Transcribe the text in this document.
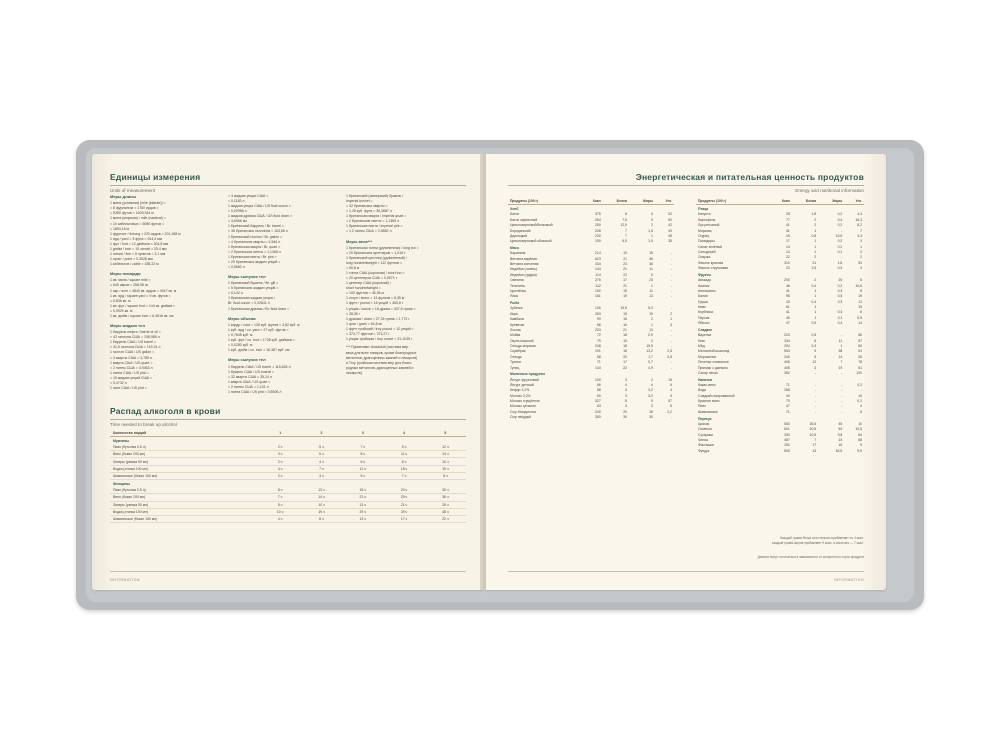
Единицы измерения
Units of measurement
Меры длины
1 миля (уставная) (mile (statute)) =
= 8 фурлонгов = 1760 ярдов =
= 5280 футов = 1609,344 м
1 миля (морская) / mile (nautical) =
= 10 кабельтовых = 6080 футов =
= 1853,18 м
1 фурлонг / furlong = 220 ярдов = 201,168 м
1 ярд / yard = 3 фута = 914,4 мм
1 фут / foot = 12 дюймов = 304,8 мм
1 дюйм / inch = 10 линий = 25,4 мм
1 линия / line = 6 пунктов = 2,1 мм
1 пункт / point = 0,3528 мм
1 кабельтов / cable = 185,22 м
Меры площади
1 кв. миля / square mile =
= 640 акров = 258,98 га
1 акр / acre = 4840 кв. ярдов = 4047 кв. м
1 кв. ярд / square yard = 9 кв. футов =
= 0,836 кв. м
1 кв. фут / square foot = 144 кв. дюйма =
= 0,0929 кв. м
1 кв. дюйм / square inch = 6,4516 кв. см
Меры жидких тел
1 баррель нефти / barrel of oil =
= 42 галлона США = 158,988 л
1 баррель США / US barrel =
= 31,5 галлона США = 119,24 л
1 галлон США / US gallon =
= 4 кварты США = 3,785 л
1 кварта США / US quart =
= 2 пинты США = 0,9463 л
1 пинта США / US pint =
= 16 жидких унций США =
= 0,4732 л
1 пинт США / US pint =
= 4 жидкие унции США =
= 0,1183 л
1 жидкая унция США / US fluid ounce =
= 0,02956 л
1 жидкая драхма США / US fluid dram =
= 3,6966 мл
1 британский баррель / Br. barrel =
= 36 британских галлонов = 163,65 л
1 британский галлон / Br. gallon =
= 4 британских кварты = 4,546 л
1 британская кварта / Br. quart =
= 2 британских пинты = 1,1365 л
1 британская пинта / Br. pint =
= 20 британских жидких унций =
= 0,5682 л
Меры сыпучих тел
1 британский бушель / Br. gill =
= 5 британских жидких унций =
= 0,142 л
1 британская жидкая унция /
Br. fluid ounce = 0,02841 л
1 британская драхма / Br. fluid dram =
Меры объема
1 кордр / cord = 128 куб. футов = 3,62 куб. м
1 куб. ярд / cu. yard = 27 куб. футов =
= 0,7645 куб. м
1 куб. фут / cu. foot = 1728 куб. дюймов =
= 0,0283 куб. м
1 куб. дюйм / cu. inch = 16,387 куб. см
Меры сыпучих тел
1 баррель США / US barrel = 115,628 л
1 бушель США / US bushel =
= 32 кварты США = 35,24 л
1 кварта США / US quart =
= 2 пинты США = 1,101 л
1 пинта США / US pint = 0,5506 л
1 британский (имперский) бушель /
imperial bushel =
= 32 британских кварты =
= 1,28 куб. фута = 36,3687 л
1 британская кварта / imperial quart =
= 2 британские пинты = 1,1365 л
1 британская пинта / imperial pint =
= 1,2 пинты США = 0,5682 л
Меры веса***
1 британская тонна (удлиненная) / long ton =
= 20 британских центнеров = 1,016 т
1 британский центнер (удлиненный) /
long hundredweight = 112 фунтов =
= 50,8 кг
1 тонна США (короткая) / short ton =
= 20 центнеров США = 0,9071 т
1 центнер США (короткий) /
short hundredweight =
= 100 фунтов = 45,36 кг
1 стоун / stone = 14 фунтов = 6,35 кг
1 фунт / pound = 16 унций = 453,6 г
1 унция / ounce = 16 драхм = 437,5 грана =
= 28,35 г
1 драхма / dram = 27,34 грана = 1,772 г
1 гран / grain = 64,8 мг
1 фунт тройский / troy pound = 12 унций =
= 373,77 фунтов = 373,27 г
1 унция тройская / troy ounce = 31,1035 г
*** Применяют Anadolutt (система мер
веса для всех товаров, кроме благородных
металлов, драгоценных камней и лекарств)
и Troy (тройская система мер для благо-
родных металлов, драгоценных камней и
лекарств).
Распад алкоголя в крови
Time needed to break up alcohol
Количество порций	1	2	3	4	5
Мужчины					
Пиво (бутылка 0,5 л)	2 ч	5 ч	7 ч	9 ч	12 ч
Вино (бокал 200 мл)	3 ч	6 ч	8 ч	11 ч	14 ч
Ликеры (рюмка 50 мл)	2 ч	4 ч	6 ч	8 ч	10 ч
Водка (стопка 100 мл)	4 ч	7 ч	11 ч	15 ч	19 ч
Шампанское (бокал 150 мл)	2 ч	3 ч	5 ч	7 ч	8 ч
Женщины					
Пиво (бутылка 0,5 л)	8 ч	13 ч	18 ч	24 ч	30 ч
Вино (бокал 200 мл)	7 ч	14 ч	21 ч	29 ч	36 ч
Ликеры (рюмка 50 мл)	5 ч	10 ч	13 ч	21 ч	26 ч
Водка (стопка 100 мл)	10 ч	19 ч	29 ч	39 ч	48 ч
Шампанское (бокал 150 мл)	4 ч	8 ч	13 ч	17 ч	22 ч
INFORMATION
Энергетическая и питательная ценность продуктов
Energy and nutritional information
Продукты (100 г)	Ккал	Белки	Жиры	Угл.
Хлеб				
Батон	375	8	3	52
Батон кирпичный	264	7,5	3	50
Цельнозерновой/белковый	250	12,5	2	42
Бородинский	208	7	1,5	40
Дарницкий	230	7	1	45
Цельнозерновой обычный	190	5,5	1,5	35
Мясо				
Баранина	214	19	15	-
Ветчина варёная	623	21	36	-
Ветчина копченая	434	23	36	-
Индейка (голень)	144	21	11	-
Индейка (грудка)	114	22	5	-
Свинина	276	17	23	-
Телятина	112	21	1	-
Цыплёнок	192	19	11	-
Язык	161	19	13	-
Рыба				
Зубатка	126	19,5	5,3	-
Икра	263	19	19	2
Камбала	90	16	2	1
Креветки	86	16	1	3
Лосось	203	21	13	-
Мойва	72	18	0,9	-
Окунь морской	79	15	2	-
Сельдь морская	248	18	19,5	-
Скумбрия	191	18	13,2	2,5
Сельдь	88	20	1,7	0,8
Треска	71	17	0,7	-
Тунец	144	22	4,9	-
Молочные продукты				
Йогурт фруктовый	100	3	2	15
Йогурт детский	66	4	4	6
Кефир 3,2%	58	3	3,2	4
Молоко 3,2%	60	3	3,2	5
Молоко сгущённое	327	8	9	57
Молоко цельное	63	3	3	5
Сыр Моцарелла	240	20	18	2,2
Сыр твёрдый	350	30	30	-
Продукты (100 г)	Ккал	Белки	Жиры	Угл.
Птица				
Капуста	28	1,8	0,2	4,3
Картофель	77	2	0,4	16,3
Лук репчатый	41	2	0,2	8,2
Морковь	41	1	-	7
Огурец	15	0,8	10,5	4,3
Помидоры	17	1	0,2	3
Салат зелёный	14	1	0,2	1
Сельдерей	13	1	0,1	2
Спаржа	22	2	-	2
Фасоль красная	310	21	1,8	53
Фасоль стручковая	23	2,5	0,3	3
Фрукты				
Авокадо	200	2	20	6
Ананас	46	0,4	0,2	10,6
Апельсины	41	1	0,3	8
Банан	98	1	0,5	19
Груша	43	0,4	0,3	11
Киви	61	1	-	15
Клубника	41	1	0,4	6
Персик	45	1	0,1	9,5
Яблоко	47	0,5	0,4	14
Сладкое				
Варенье	223	0,5	-	56
Кекс	334	6	11	57
Мёд	294	0,3	1	80
Молочный шоколад	554	9	38	51
Мороженое	240	5	14	28
Печенье сливочное	406	12	7	78
Пряники с джемом	408	3	19	61
Сахар песок	392	-	-	100
Напитки				
Какао-вино	71	-	-	0,2
Вода	268	-	-	-
Сладкий газированный	40	-	-	10
Красное вино	70	-	-	0,2
Пиво	47	-	-	4
Шампанское	71	-	-	5
Перекус				
Арахис	553	26,5	45	10
Семечки	601	20,5	53	10,5
Сухарики	330	10,6	9,8	64
Чипсы	487	7	23	68
Фисташки	250	17	16	9
Фундук	503	13	62,5	9,5
Каждый грамм белка или глюкозы прибавляет по 4 ккал,
каждый грамм жиров прибавляет 9 ккал, а алкоголя — 7 ккал.
Данные могут отличаться в зависимости от конкретного сорта продукта
INFORMATION
